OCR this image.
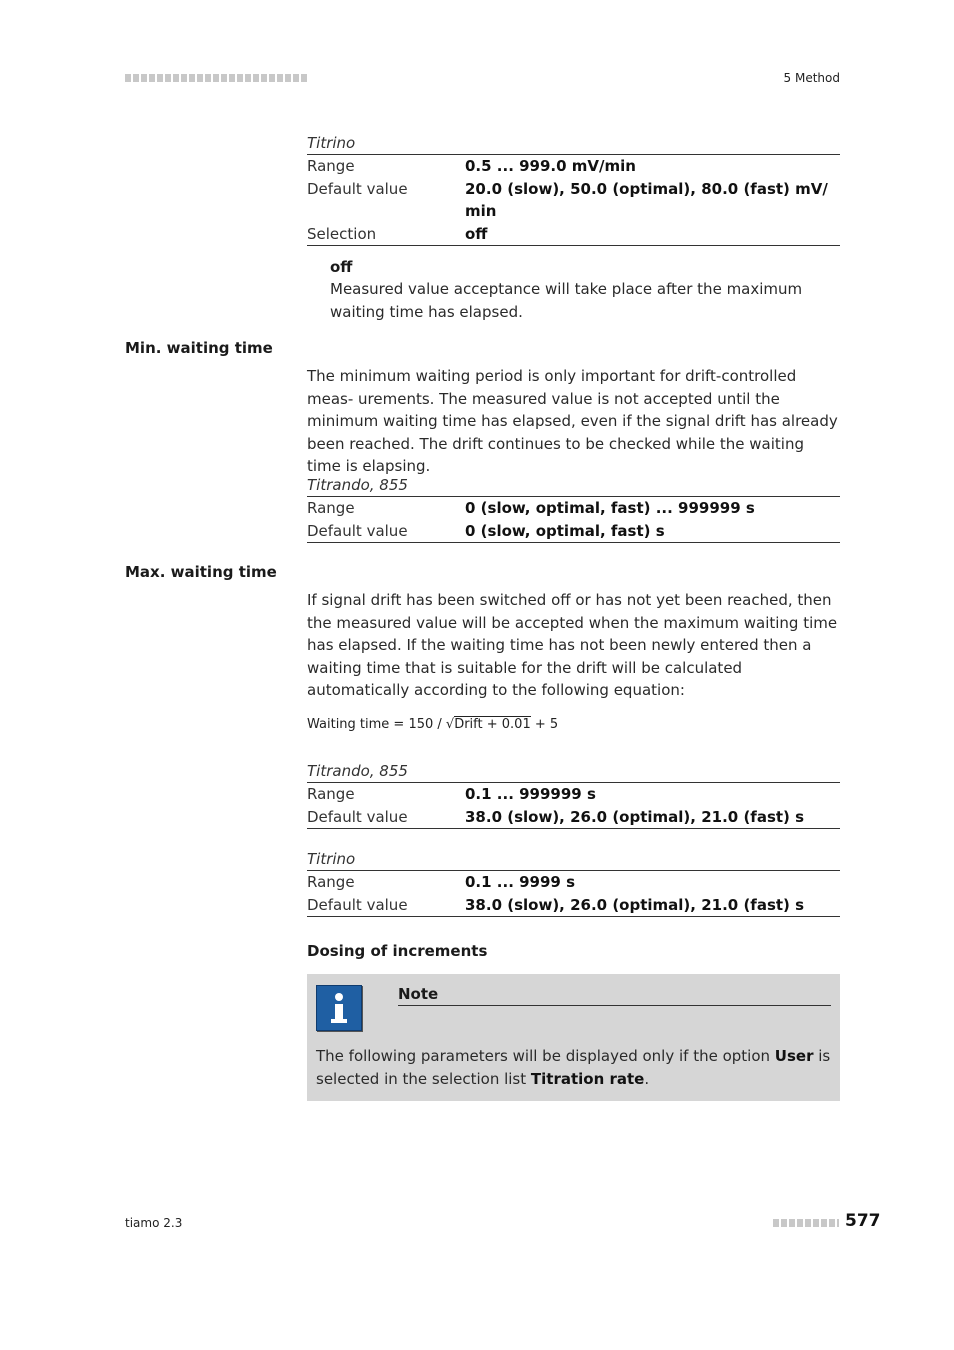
5 Method
Titrino
Range	0.5 ... 999.0 mV/min
Default value	20.0 (slow), 50.0 (optimal), 80.0 (fast) mV/ min
Selection	off
off
Measured value acceptance will take place after the maximum waiting time has elapsed.
Min. waiting time
The minimum waiting period is only important for drift-controlled meas- urements. The measured value is not accepted until the minimum waiting time has elapsed, even if the signal drift has already been reached. The drift continues to be checked while the waiting time is elapsing.
Titrando, 855
Range	0 (slow, optimal, fast) ... 999999 s
Default value	0 (slow, optimal, fast) s
Max. waiting time
If signal drift has been switched off or has not yet been reached, then the measured value will be accepted when the maximum waiting time has elapsed. If the waiting time has not been newly entered then a waiting time that is suitable for the drift will be calculated automatically according to the following equation:
Waiting time = 150 / √Drift + 0.01 + 5
Titrando, 855
Range	0.1 ... 999999 s
Default value	38.0 (slow), 26.0 (optimal), 21.0 (fast) s
Titrino
Range	0.1 ... 9999 s
Default value	38.0 (slow), 26.0 (optimal), 21.0 (fast) s
Dosing of increments
Note
The following parameters will be displayed only if the option User is selected in the selection list Titration rate.
tiamo 2.3	577
